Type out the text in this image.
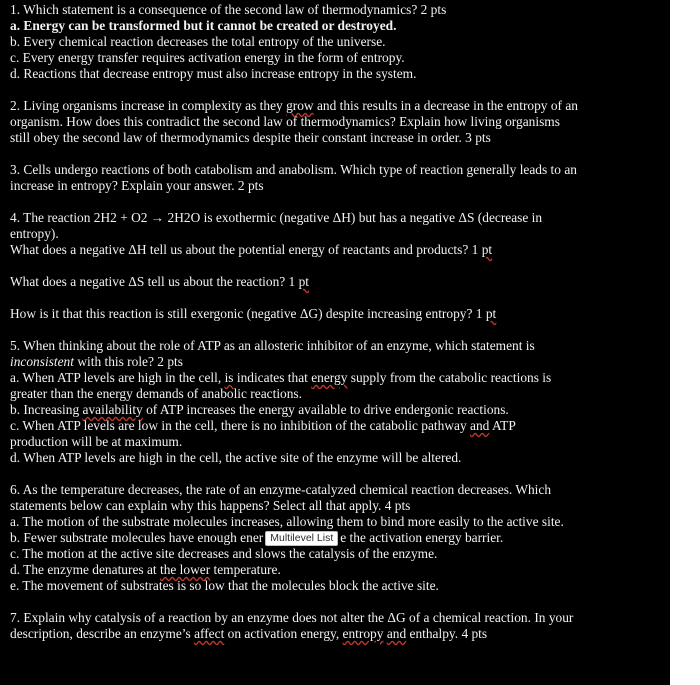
1. Which statement is a consequence of the second law of thermodynamics? 2 pts

a. Energy can be transformed but it cannot be created or destroyed.

b. Every chemical reaction decreases the total entropy of the universe.

c. Every energy transfer requires activation energy in the form of entropy.

d. Reactions that decrease entropy must also increase entropy in the system.

2. Living organisms increase in complexity as they grow and this results in a decrease in the entropy of an

organism. How does this contradict the second law of thermodynamics? Explain how living organisms

still obey the second law of thermodynamics despite their constant increase in order. 3 pts

3. Cells undergo reactions of both catabolism and anabolism. Which type of reaction generally leads to an

increase in entropy? Explain your answer. 2 pts

4. The reaction 2H2 + O2 → 2H2O is exothermic (negative ΔH) but has a negative ΔS (decrease in

entropy).

What does a negative ΔH tell us about the potential energy of reactants and products? 1 pt

What does a negative ΔS tell us about the reaction? 1 pt

How is it that this reaction is still exergonic (negative ΔG) despite increasing entropy? 1 pt

5. When thinking about the role of ATP as an allosteric inhibitor of an enzyme, which statement is

inconsistent with this role? 2 pts

a. When ATP levels are high in the cell, is indicates that energy supply from the catabolic reactions is

greater than the energy demands of anabolic reactions.

b. Increasing availability of ATP increases the energy available to drive endergonic reactions.

c. When ATP levels are low in the cell, there is no inhibition of the catabolic pathway and ATP

production will be at maximum.

d. When ATP levels are high in the cell, the active site of the enzyme will be altered.

6. As the temperature decreases, the rate of an enzyme-catalyzed chemical reaction decreases. Which

statements below can explain why this happens? Select all that apply. 4 pts

a. The motion of the substrate molecules increases, allowing them to bind more easily to the active site.

b. Fewer substrate molecules have enough ener Multilevel List e the activation energy barrier.

c. The motion at the active site decreases and slows the catalysis of the enzyme.

d. The enzyme denatures at the lower temperature.

e. The movement of substrates is so low that the molecules block the active site.

7. Explain why catalysis of a reaction by an enzyme does not alter the ΔG of a chemical reaction. In your

description, describe an enzyme’s affect on activation energy, entropy and enthalpy. 4 pts
